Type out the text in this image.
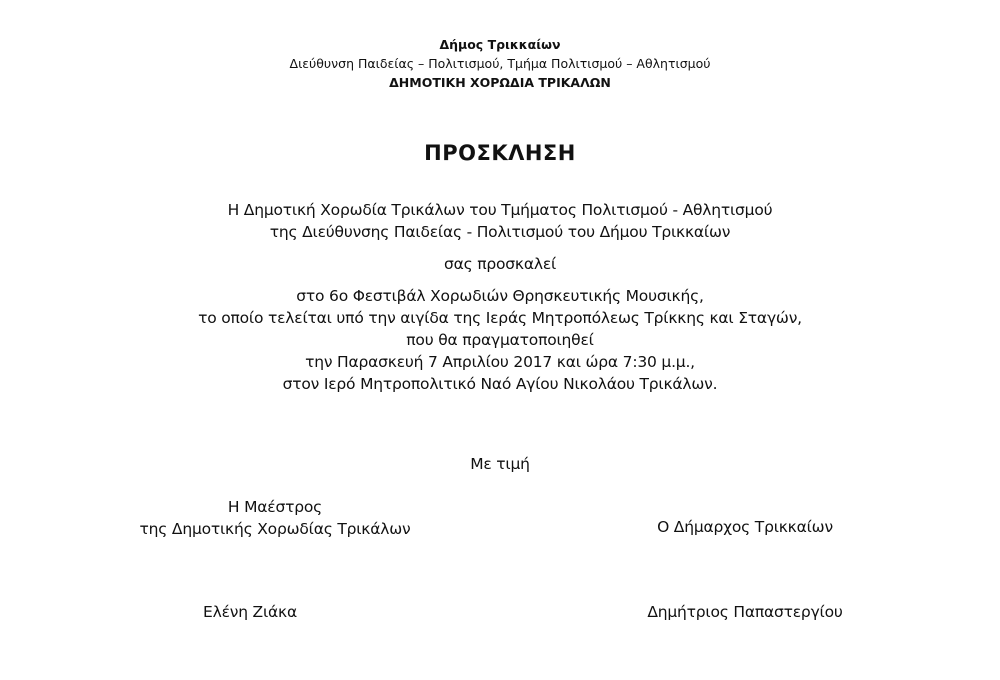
Δήμος Τρικκαίων
Διεύθυνση Παιδείας – Πολιτισμού, Τμήμα Πολιτισμού – Αθλητισμού
ΔΗΜΟΤΙΚΗ ΧΟΡΩΔΙΑ ΤΡΙΚΑΛΩΝ
ΠΡΟΣΚΛΗΣΗ
Η Δημοτική Χορωδία Τρικάλων του Τμήματος Πολιτισμού - Αθλητισμού
της Διεύθυνσης Παιδείας - Πολιτισμού του Δήμου Τρικκαίων
σας προσκαλεί
στο 6ο Φεστιβάλ Χορωδιών Θρησκευτικής Μουσικής,
το οποίο τελείται υπό την αιγίδα της Ιεράς Μητροπόλεως Τρίκκης και Σταγών,
που θα πραγματοποιηθεί
την Παρασκευή 7 Απριλίου 2017 και ώρα 7:30 μ.μ.,
στον Ιερό Μητροπολιτικό Ναό Αγίου Νικολάου Τρικάλων.
Με τιμή
Η Μαέστρος
της Δημοτικής Χορωδίας Τρικάλων
Ελένη Ζιάκα
Ο Δήμαρχος Τρικκαίων
Δημήτριος Παπαστεργίου
